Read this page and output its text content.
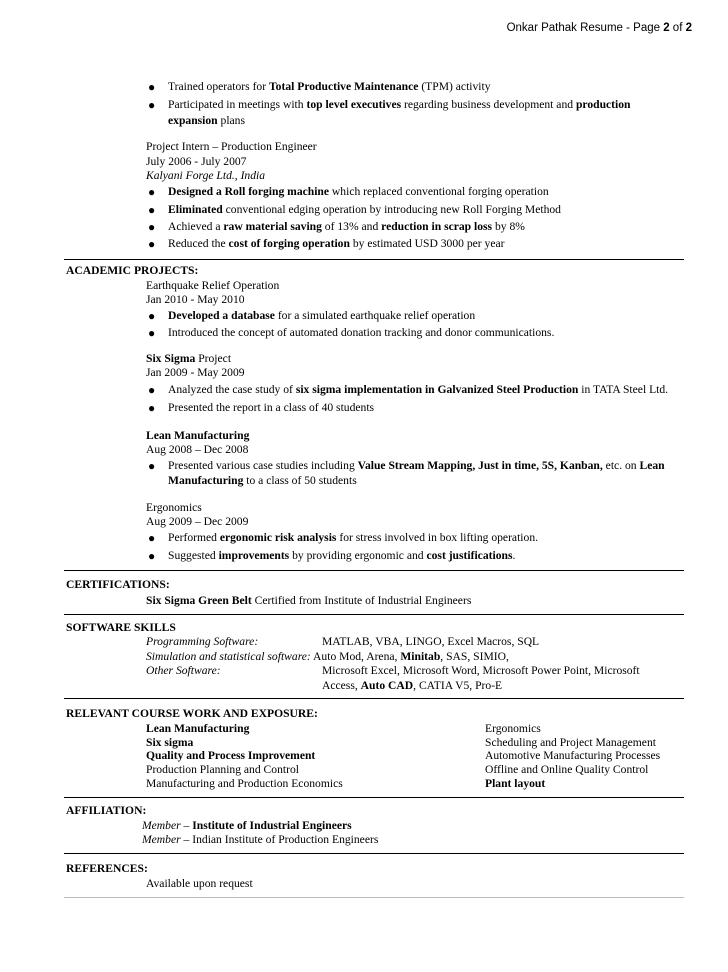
Onkar Pathak Resume - Page 2 of 2
● Trained operators for Total Productive Maintenance (TPM) activity
● Participated in meetings with top level executives regarding business development and production
expansion plans
Project Intern – Production Engineer
July 2006 - July 2007
Kalyani Forge Ltd., India
● Designed a Roll forging machine which replaced conventional forging operation
● Eliminated conventional edging operation by introducing new Roll Forging Method
● Achieved a raw material saving of 13% and reduction in scrap loss by 8%
● Reduced the cost of forging operation by estimated USD 3000 per year
ACADEMIC PROJECTS:
Earthquake Relief Operation
Jan 2010 - May 2010
● Developed a database for a simulated earthquake relief operation
● Introduced the concept of automated donation tracking and donor communications.
Six Sigma Project
Jan 2009 - May 2009
● Analyzed the case study of six sigma implementation in Galvanized Steel Production in TATA Steel Ltd.
● Presented the report in a class of 40 students
Lean Manufacturing
Aug 2008 – Dec 2008
● Presented various case studies including Value Stream Mapping, Just in time, 5S, Kanban, etc. on Lean
Manufacturing to a class of 50 students
Ergonomics
Aug 2009 – Dec 2009
● Performed ergonomic risk analysis for stress involved in box lifting operation.
● Suggested improvements by providing ergonomic and cost justifications.
CERTIFICATIONS:
Six Sigma Green Belt Certified from Institute of Industrial Engineers
SOFTWARE SKILLS
Programming Software:	MATLAB, VBA, LINGO, Excel Macros, SQL
Simulation and statistical software: Auto Mod, Arena, Minitab, SAS, SIMIO,
Other Software:	Microsoft Excel, Microsoft Word, Microsoft Power Point, Microsoft
Access, Auto CAD, CATIA V5, Pro-E
RELEVANT COURSE WORK AND EXPOSURE:
Lean Manufacturing
Six sigma
Quality and Process Improvement
Production Planning and Control
Manufacturing and Production Economics
Ergonomics
Scheduling and Project Management
Automotive Manufacturing Processes
Offline and Online Quality Control
Plant layout
AFFILIATION:
Member – Institute of Industrial Engineers
Member – Indian Institute of Production Engineers
REFERENCES:
Available upon request
